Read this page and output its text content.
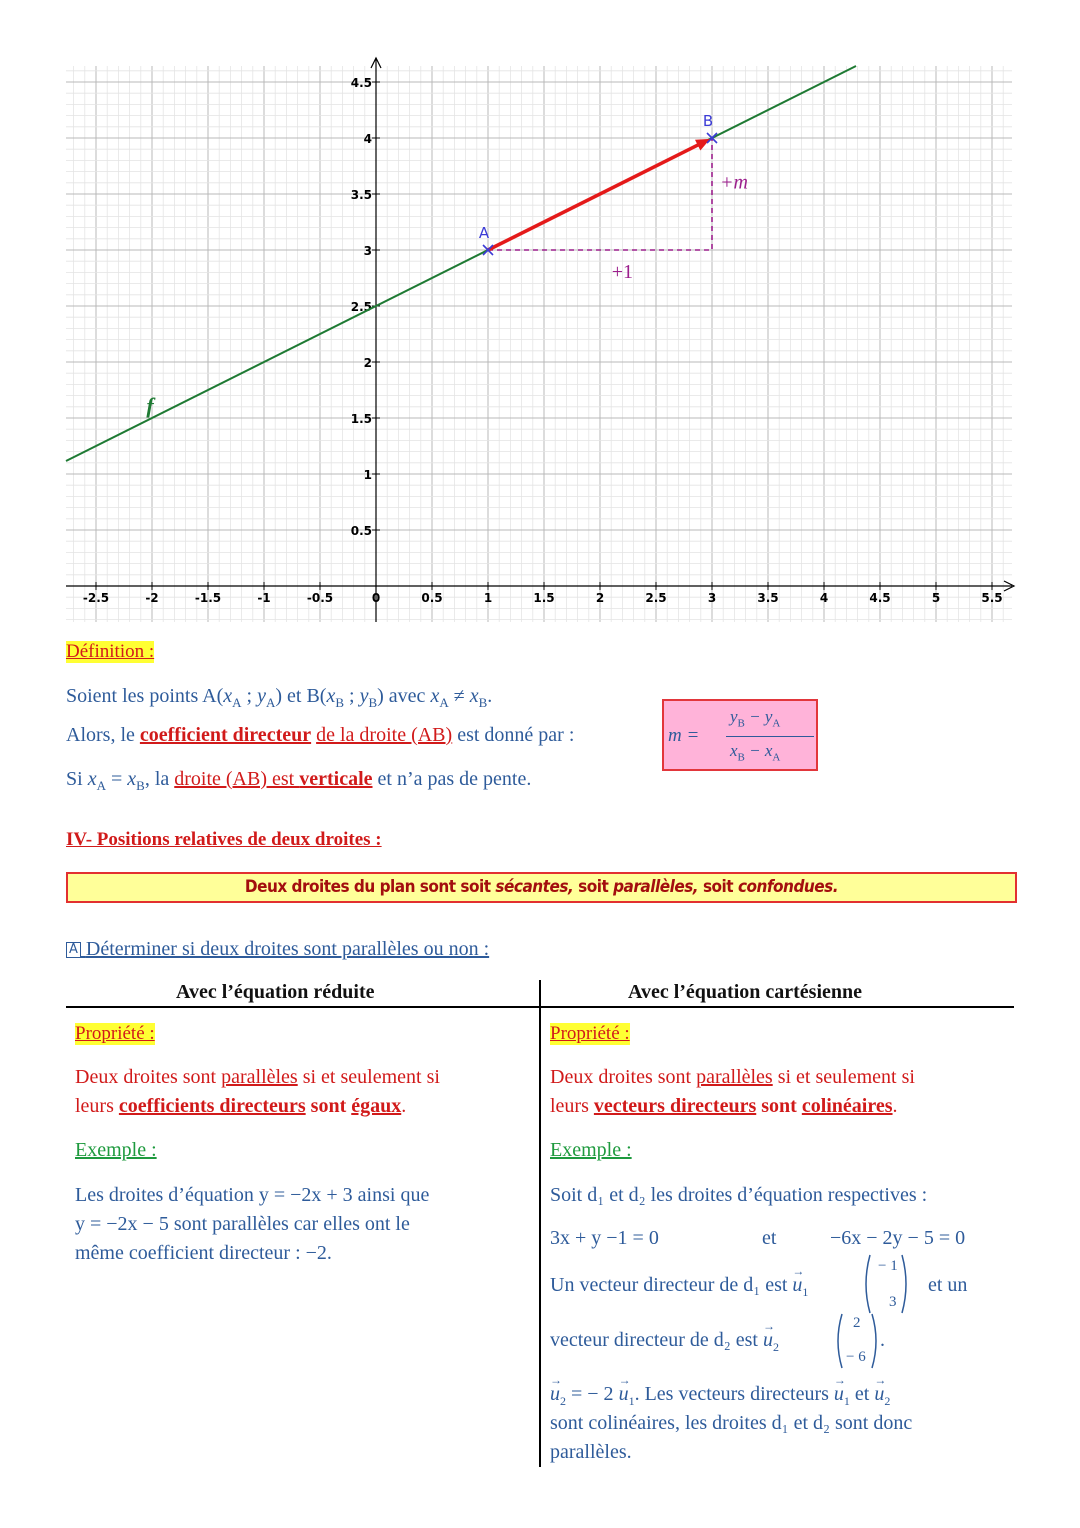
-2.5	-2	-1.5	-1	-0.5	0	0.5	1	1.5	2	2.5	3	3.5	4	4.5	5	5.5
0.5
1
1.5
2
2.5
3
3.5
4
4.5
f
A
B
+1
+m
Définition :
Soient les points $A(x_A$ ; $y_A$) et $B(x_B$ ; $y_B$) avec $x_A \ne x_B$.
Alors, le coefficient directeur de la droite (AB) est donné par :	m =
$y_B - y_A$
$x_B - x_A$
Si $x_A = x_B$, la droite (AB) est verticale et n’a pas de pente.
IV- Positions relatives de deux droites :
Deux droites du plan sont soit sécantes, soit parallèles, soit confondues.
A Déterminer si deux droites sont parallèles ou non :
Avec l’équation réduite	Avec l’équation cartésienne
Propriété :
Deux droites sont parallèles si et seulement si
leurs coefficients directeurs sont égaux.
Exemple :
Les droites d’équation y = −2x + 3 ainsi que
y = −2x − 5 sont parallèles car elles ont le
même coefficient directeur : −2.
Propriété :
Deux droites sont parallèles si et seulement si
leurs vecteurs directeurs sont colinéaires.
Exemple :
Soit d₁ et d₂ les droites d’équation respectives :
3x + y −1 = 0	et	−6x − 2y − 5 = 0
Un vecteur directeur de d₁ est → $u_1$
− 1
3
et un
vecteur directeur de d₂ est → $u_2$
2
− 6
.
→ $u_2$ = − $2 \to u_1$. Les vecteurs directeurs → $u_1$ et → $u_2$
sont colinéaires, les droites d₁ et d₂ sont donc
parallèles.
